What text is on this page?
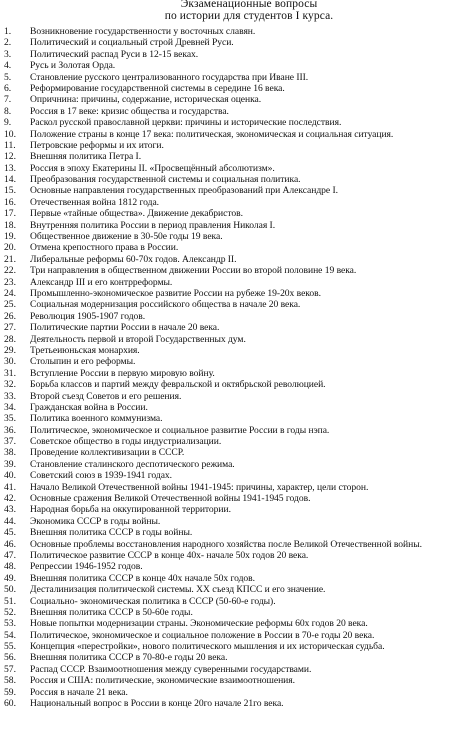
Экзаменационные вопросы
по истории для студентов I курса.
1.	Возникновение государственности у восточных славян.
2.	Политический и социальный строй Древней Руси.
3.	Политический распад Руси в 12-15 веках.
4.	Русь и Золотая Орда.
5.	Становление русского централизованного государства при Иване III.
6.	Реформирование государственной системы в середине 16 века.
7.	Опричнина: причины, содержание, историческая оценка.
8.	Россия в 17 веке: кризис общества и государства.
9.	Раскол русской православной церкви: причины и исторические последствия.
10.	Положение страны в конце 17 века: политическая, экономическая и социальная ситуация.
11.	Петровские реформы и их итоги.
12.	Внешняя политика Петра I.
13.	Россия в эпоху Екатерины II. «Просвещённый абсолютизм».
14.	Преобразования государственной системы и социальная политика.
15.	Основные направления государственных преобразований при Александре I.
16.	Отечественная война 1812 года.
17.	Первые «тайные общества». Движение декабристов.
18.	Внутренняя политика России в период правления Николая I.
19.	Общественное движение в 30-50е годы 19 века.
20.	Отмена крепостного права в России.
21.	Либеральные реформы 60-70х годов. Александр II.
22.	Три направления в общественном движении России во второй половине 19 века.
23.	Александр III и его контрреформы.
24.	Промышленно-экономическое развитие России на рубеже 19-20х веков.
25.	Социальная модернизация российского общества в начале 20 века.
26.	Революция 1905-1907 годов.
27.	Политические партии России в начале 20 века.
28.	Деятельность первой и второй Государственных дум.
29.	Третьеиюньская монархия.
30.	Столыпин и его реформы.
31.	Вступление России в первую мировую войну.
32.	Борьба классов и партий между февральской и октябрьской революцией.
33.	Второй съезд Советов и его решения.
34.	Гражданская война в России.
35.	Политика военного коммунизма.
36.	Политическое, экономическое и социальное развитие России в годы нэпа.
37.	Советское общество в годы индустриализации.
38.	Проведение коллективизации в СССР.
39.	Становление сталинского деспотического режима.
40.	Советский союз в 1939-1941 годах.
41.	Начало Великой Отечественной войны 1941-1945: причины, характер, цели сторон.
42.	Основные сражения Великой Отечественной войны 1941-1945 годов.
43.	Народная борьба на оккупированной территории.
44.	Экономика СССР в годы войны.
45.	Внешняя политика СССР в годы войны.
46.	Основные проблемы восстановления народного хозяйства после Великой Отечественной войны.
47.	Политическое развитие СССР в конце 40х- начале 50х годов 20 века.
48.	Репрессии 1946-1952 годов.
49.	Внешняя политика СССР в конце 40х начале 50х годов.
50.	Десталинизация политической системы. XX съезд КПСС и его значение.
51.	Социально- экономическая политика в СССР (50-60-е годы).
52.	Внешняя политика СССР в 50-60е годы.
53.	Новые попытки модернизации страны. Экономические реформы 60х годов 20 века.
54.	Политическое, экономическое и социальное положение в России в 70-е годы 20 века.
55.	Концепция «перестройки», нового политического мышления и их историческая судьба.
56.	Внешняя политика СССР в 70-80-е годы 20 века.
57.	Распад СССР. Взаимоотношения между суверенными государствами.
58.	Россия и США: политические, экономические взаимоотношения.
59.	Россия в начале 21 века.
60.	Национальный вопрос в России в конце 20го начале 21го века.
